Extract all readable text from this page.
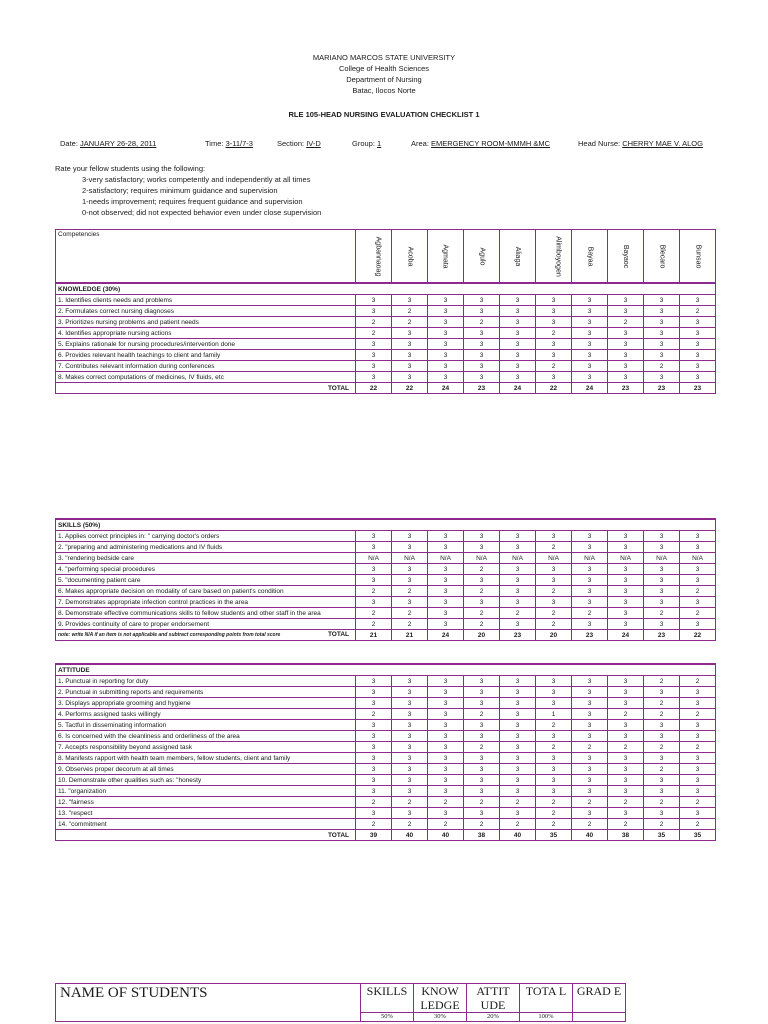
MARIANO MARCOS STATE UNIVERSITY
College of Health Sciences
Department of Nursing
Batac, Ilocos Norte
RLE 105-HEAD NURSING EVALUATION CHECKLIST 1
Date: JANUARY 26-28, 2011	Time: 3-11/7-3	Section: IV-D	Group: 1	Area: EMERGENCY ROOM-MMMH &MC	Head Nurse: CHERRY MAE V. ALOG
Rate your fellow students using the following:
3-very satisfactory; works competently and independently at all times
2-satisfactory; requires minimum guidance and supervision
1-needs improvement; requires frequent guidance and supervision
0-not observed; did not expected behavior even under close supervision
Competencies	Agbannaoag	Acoba	Agmata	Agulo	Aliaga	Alimboyogen	Bayaa	Bayaoc	Blecaro	Bunsao
KNOWLEDGE (30%)										
1. Identifies clients needs and problems	3	3	3	3	3	3	3	3	3	3
2. Formulates correct nursing diagnoses	3	2	3	3	3	3	3	3	3	2
3. Prioritizes nursing problems and patient needs	2	2	3	2	3	3	3	2	3	3
4. Identifies appropriate nursing actions	2	3	3	3	3	2	3	3	3	3
5. Explains rationale for nursing procedures/intervention done	3	3	3	3	3	3	3	3	3	3
6. Provides relevant health teachings to client and family	3	3	3	3	3	3	3	3	3	3
7. Contributes relevant information during conferences	3	3	3	3	3	2	3	3	2	3
8. Makes correct computations of medicines, IV fluids, etc	3	3	3	3	3	3	3	3	3	3
TOTAL	22	22	24	23	24	22	24	23	23	23
SKILLS (50%)										
1. Applies correct principles in: " carrying doctor's orders	3	3	3	3	3	3	3	3	3	3
2. "preparing and administering medications and IV fluids	3	3	3	3	3	2	3	3	3	3
3. "rendering bedside care	N/A	N/A	N/A	N/A	N/A	N/A	N/A	N/A	N/A	N/A
4. "performing special procedures	3	3	3	2	3	3	3	3	3	3
5. "documenting patient care	3	3	3	3	3	3	3	3	3	3
6. Makes appropriate decision on modality of care based on patient's condition	2	2	3	2	3	2	3	3	3	2
7. Demonstrates appropriate infection control practices in the area	3	3	3	3	3	3	3	3	3	3
8. Demonstrate effective communications skills to fellow students and other staff in the area	2	2	3	2	2	2	2	3	2	2
9. Provides continuity of care to proper endorsement	2	2	3	2	3	2	3	3	3	3
note: write N/A if an item is not applicable and subtract corresponding points from total score TOTAL	21	21	24	20	23	20	23	24	23	22
ATTITUDE										
1. Punctual in reporting for duty	3	3	3	3	3	3	3	3	2	2
2. Punctual in submitting reports and requirements	3	3	3	3	3	3	3	3	3	3
3. Displays appropriate grooming and hygiene	3	3	3	3	3	3	3	3	2	3
4. Performs assigned tasks willingly	2	3	3	2	3	1	3	2	2	2
5. Tactful in disseminating information	3	3	3	3	3	2	3	3	3	3
6. Is concerned with the cleanliness and orderliness of the area	3	3	3	3	3	3	3	3	3	3
7. Accepts responsibility beyond assigned task	3	3	3	2	3	2	2	2	2	2
8. Manifests rapport with health team members, fellow students, client and family	3	3	3	3	3	3	3	3	3	3
9. Observes proper decorum at all times	3	3	3	3	3	3	3	3	2	3
10. Demonstrate other qualities such as: "honesty	3	3	3	3	3	3	3	3	3	3
11. "organization	3	3	3	3	3	3	3	3	3	3
12. "fairness	2	2	2	2	2	2	2	2	2	2
13. "respect	3	3	3	3	3	2	3	3	3	3
14. "commitment	2	2	2	2	2	2	2	2	2	2
TOTAL	39	40	40	38	40	35	40	38	35	35
NAME OF STUDENTS	SKILLS	KNOW LEDGE	ATTIT UDE	TOTA L	GRAD E
	50%	30%	20%	100%	
